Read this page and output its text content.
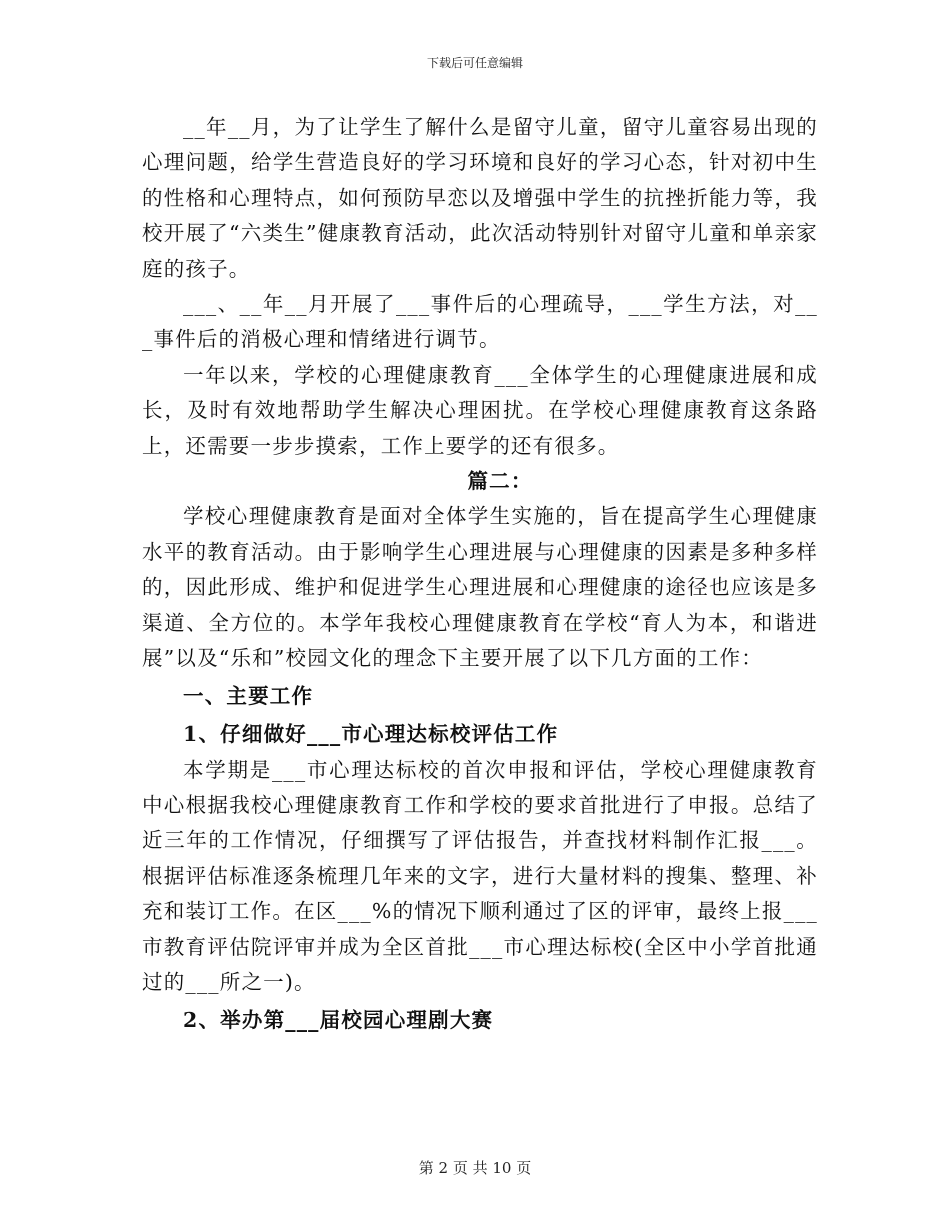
下载后可任意编辑

__年__月，为了让学生了解什么是留守儿童，留守儿童容易出现的心理问题，给学生营造良好的学习环境和良好的学习心态，针对初中生的性格和心理特点，如何预防早恋以及增强中学生的抗挫折能力等，我校开展了“六类生”健康教育活动，此次活动特别针对留守儿童和单亲家庭的孩子。

___、__年__月开展了___事件后的心理疏导，___学生方法，对___事件后的消极心理和情绪进行调节。

一年以来，学校的心理健康教育___全体学生的心理健康进展和成长，及时有效地帮助学生解决心理困扰。在学校心理健康教育这条路上，还需要一步步摸索，工作上要学的还有很多。

篇二：

学校心理健康教育是面对全体学生实施的，旨在提高学生心理健康水平的教育活动。由于影响学生心理进展与心理健康的因素是多种多样的，因此形成、维护和促进学生心理进展和心理健康的途径也应该是多渠道、全方位的。本学年我校心理健康教育在学校“育人为本，和谐进展”以及“乐和”校园文化的理念下主要开展了以下几方面的工作：

一、主要工作

1、仔细做好___市心理达标校评估工作

本学期是___市心理达标校的首次申报和评估，学校心理健康教育中心根据我校心理健康教育工作和学校的要求首批进行了申报。总结了近三年的工作情况，仔细撰写了评估报告，并查找材料制作汇报___。根据评估标准逐条梳理几年来的文字，进行大量材料的搜集、整理、补充和装订工作。在区___%的情况下顺利通过了区的评审，最终上报___市教育评估院评审并成为全区首批___市心理达标校(全区中小学首批通过的___所之一)。

2、举办第___届校园心理剧大赛

第 2 页 共 10 页
